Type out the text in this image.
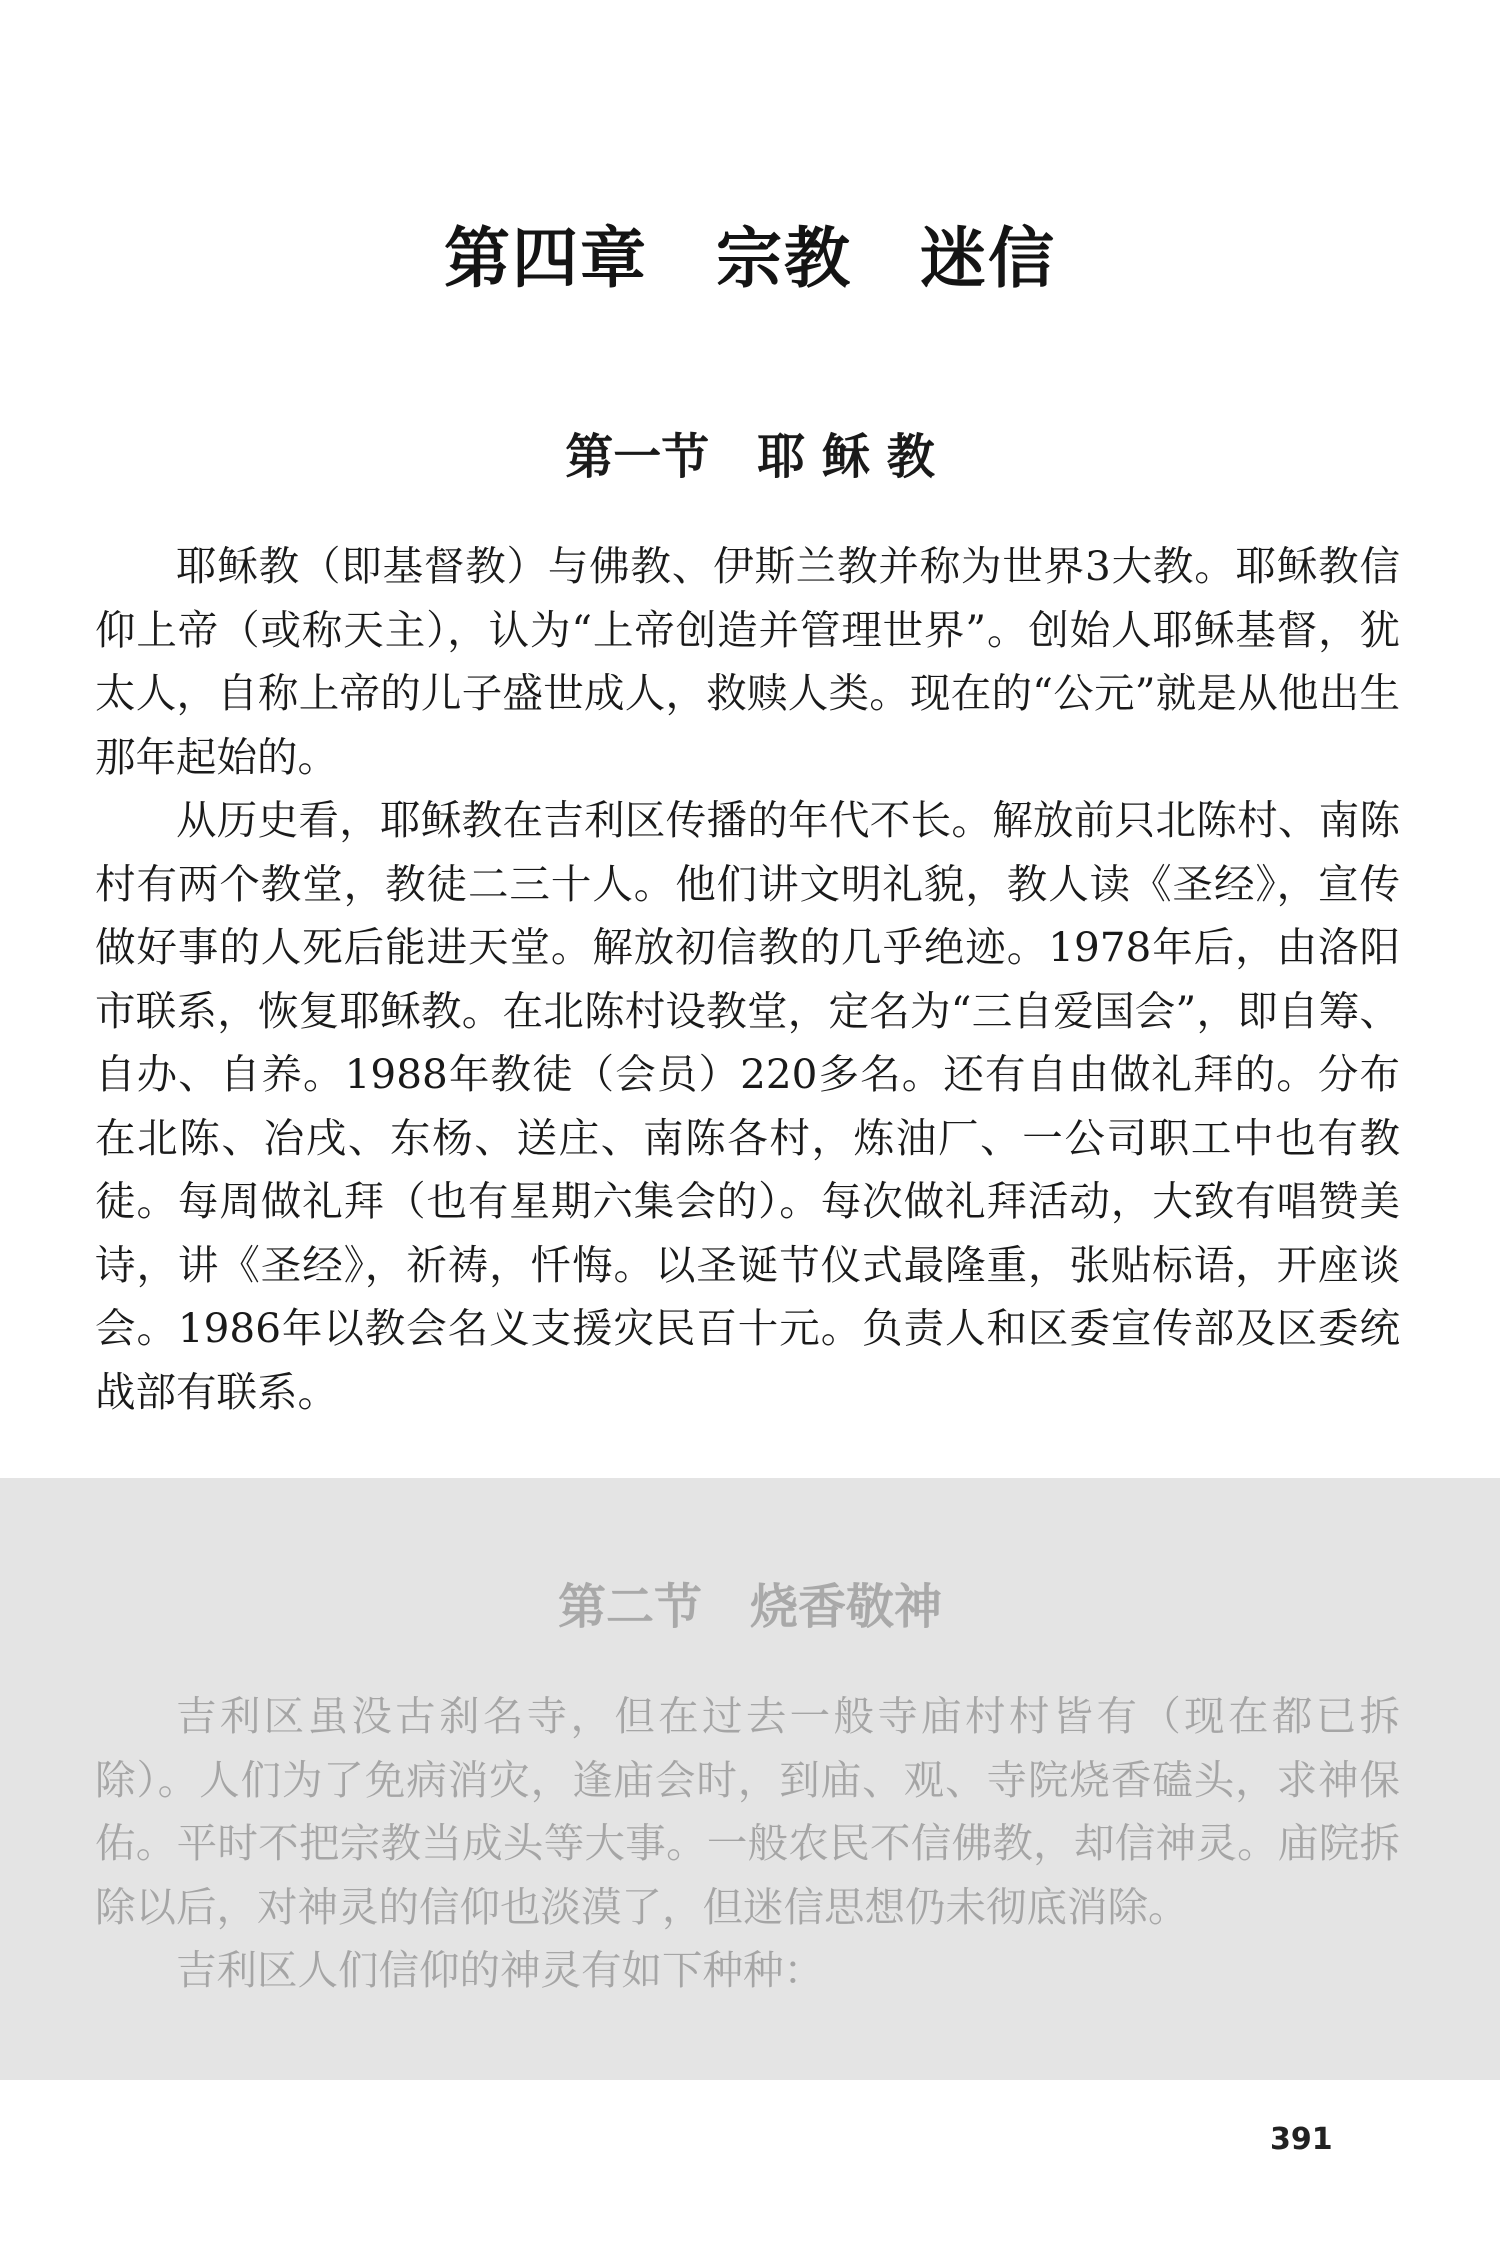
第四章　宗教　迷信
第一节　耶 稣 教

耶稣教（即基督教）与佛教、伊斯兰教并称为世界3大教。耶稣教信仰上帝（或称天主），认为“上帝创造并管理世界”。创始人耶稣基督，犹太人，自称上帝的儿子盛世成人，救赎人类。现在的“公元”就是从他出生那年起始的。

从历史看，耶稣教在吉利区传播的年代不长。解放前只北陈村、南陈村有两个教堂，教徒二三十人。他们讲文明礼貌，教人读《圣经》，宣传做好事的人死后能进天堂。解放初信教的几乎绝迹。1978年后，由洛阳市联系，恢复耶稣教。在北陈村设教堂，定名为“三自爱国会”，即自筹、自办、自养。1988年教徒（会员）220多名。还有自由做礼拜的。分布在北陈、冶戌、东杨、送庄、南陈各村，炼油厂、一公司职工中也有教徒。每周做礼拜（也有星期六集会的）。每次做礼拜活动，大致有唱赞美诗，讲《圣经》，祈祷，忏悔。以圣诞节仪式最隆重，张贴标语，开座谈会。1986年以教会名义支援灾民百十元。负责人和区委宣传部及区委统战部有联系。

第二节　烧香敬神

吉利区虽没古刹名寺，但在过去一般寺庙村村皆有（现在都已拆除）。人们为了免病消灾，逢庙会时，到庙、观、寺院烧香磕头，求神保佑。平时不把宗教当成头等大事。一般农民不信佛教，却信神灵。庙院拆除以后，对神灵的信仰也淡漠了，但迷信思想仍未彻底消除。

吉利区人们信仰的神灵有如下种种：

391
